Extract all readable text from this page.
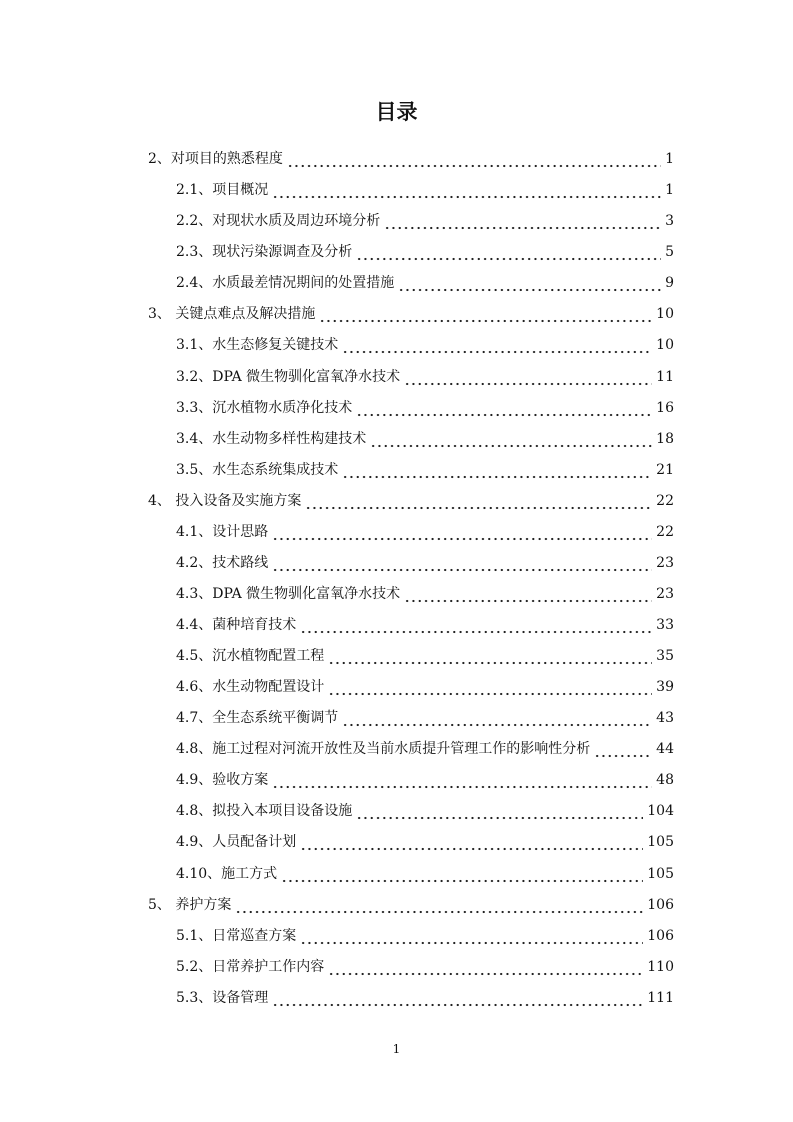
目录
2、对项目的熟悉程度	1
2.1、项目概况	1
2.2、对现状水质及周边环境分析	3
2.3、现状污染源调查及分析	5
2.4、水质最差情况期间的处置措施	9
3、 关键点难点及解决措施	10
3.1、水生态修复关键技术	10
3.2、DPA 微生物驯化富氧净水技术	11
3.3、沉水植物水质净化技术	16
3.4、水生动物多样性构建技术	18
3.5、水生态系统集成技术	21
4、 投入设备及实施方案	22
4.1、设计思路	22
4.2、技术路线	23
4.3、DPA 微生物驯化富氧净水技术	23
4.4、菌种培育技术	33
4.5、沉水植物配置工程	35
4.6、水生动物配置设计	39
4.7、全生态系统平衡调节	43
4.8、施工过程对河流开放性及当前水质提升管理工作的影响性分析	44
4.9、验收方案	48
4.8、拟投入本项目设备设施	104
4.9、人员配备计划	105
4.10、施工方式	105
5、 养护方案	106
5.1、日常巡查方案	106
5.2、日常养护工作内容	110
5.3、设备管理	111
1
